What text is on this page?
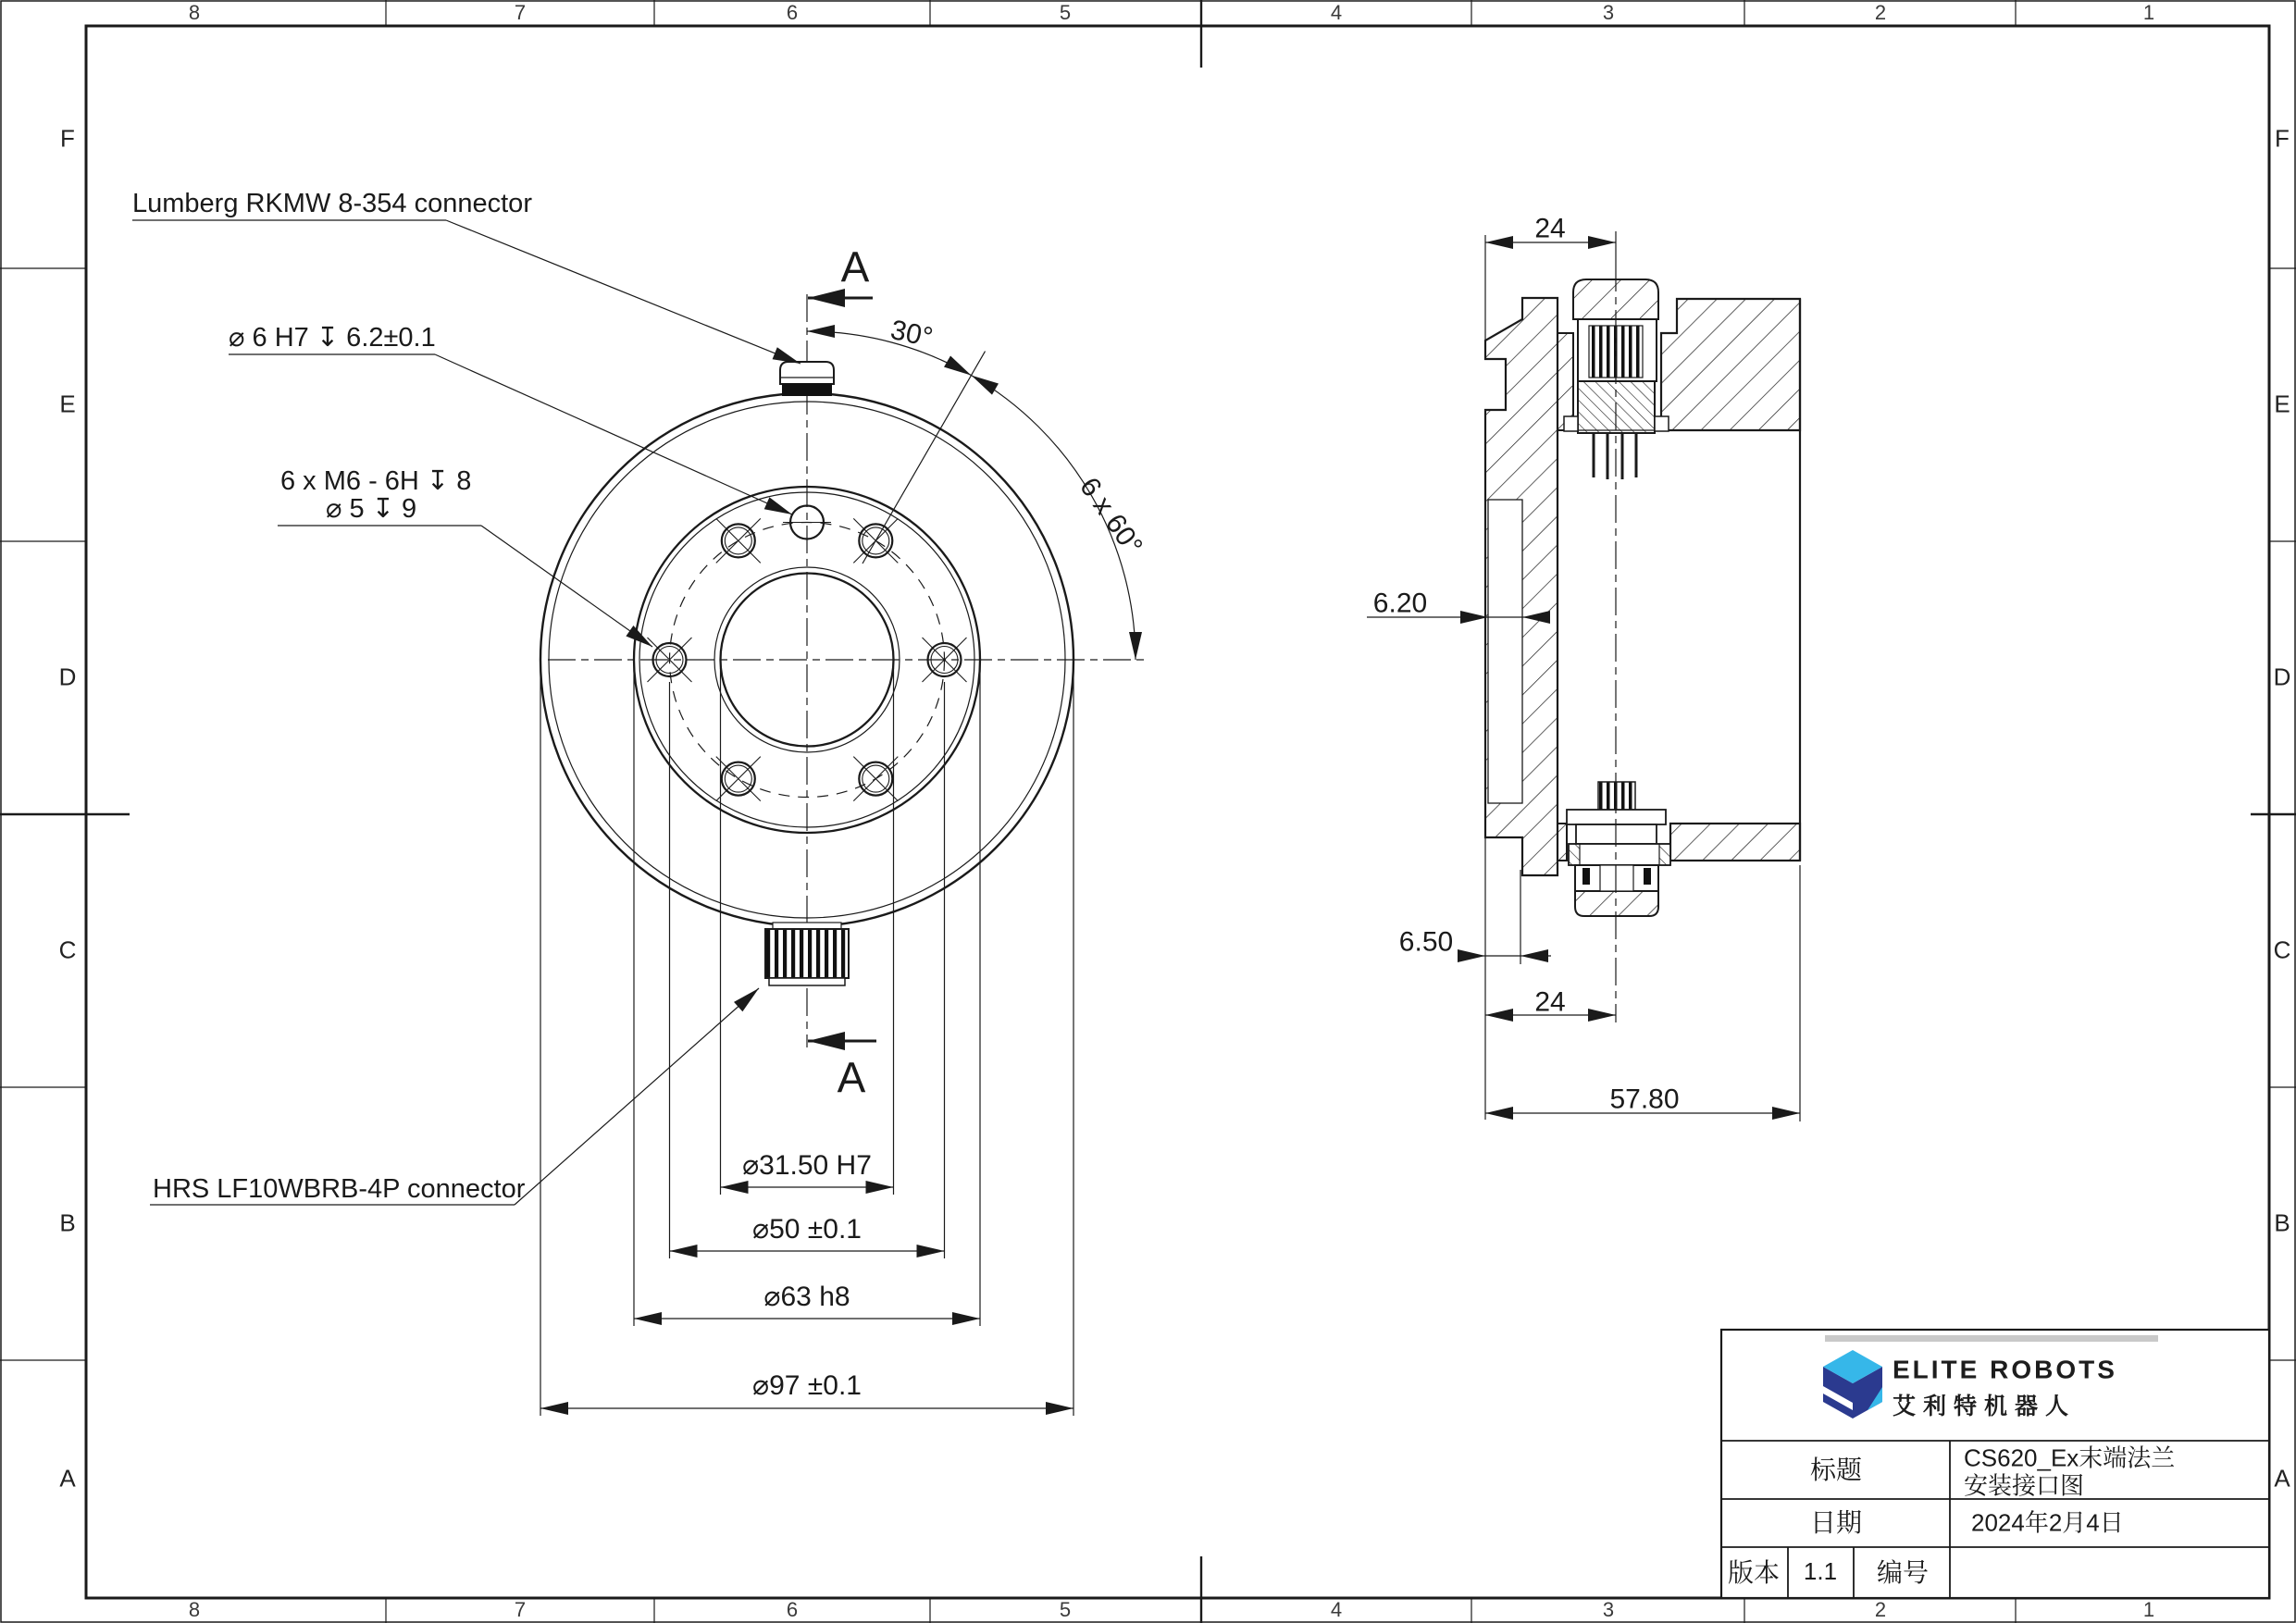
8	7	6	5	4	3	2	1
8	7	6	5	4	3	2	1
F
E
D
C
B
A
F
E
D
C
B
A
Lumberg RKMW 8-354 connector
⌀ 6 H7 ↧ 6.2±0.1
6 x M6 - 6H ↧ 8
⌀ 5 ↧ 9
HRS LF10WBRB-4P connector
⌀31.50 H7
⌀50 ±0.1
⌀63 h8
⌀97 ±0.1
30°
6 x 60°
A
A
24
6.20
6.50
24
57.80
ELITE ROBOTS
艾利特机器人
标题	CS620_Ex末端法兰
安装接口图
日期	2024年2月4日
版本 1.1 编号
